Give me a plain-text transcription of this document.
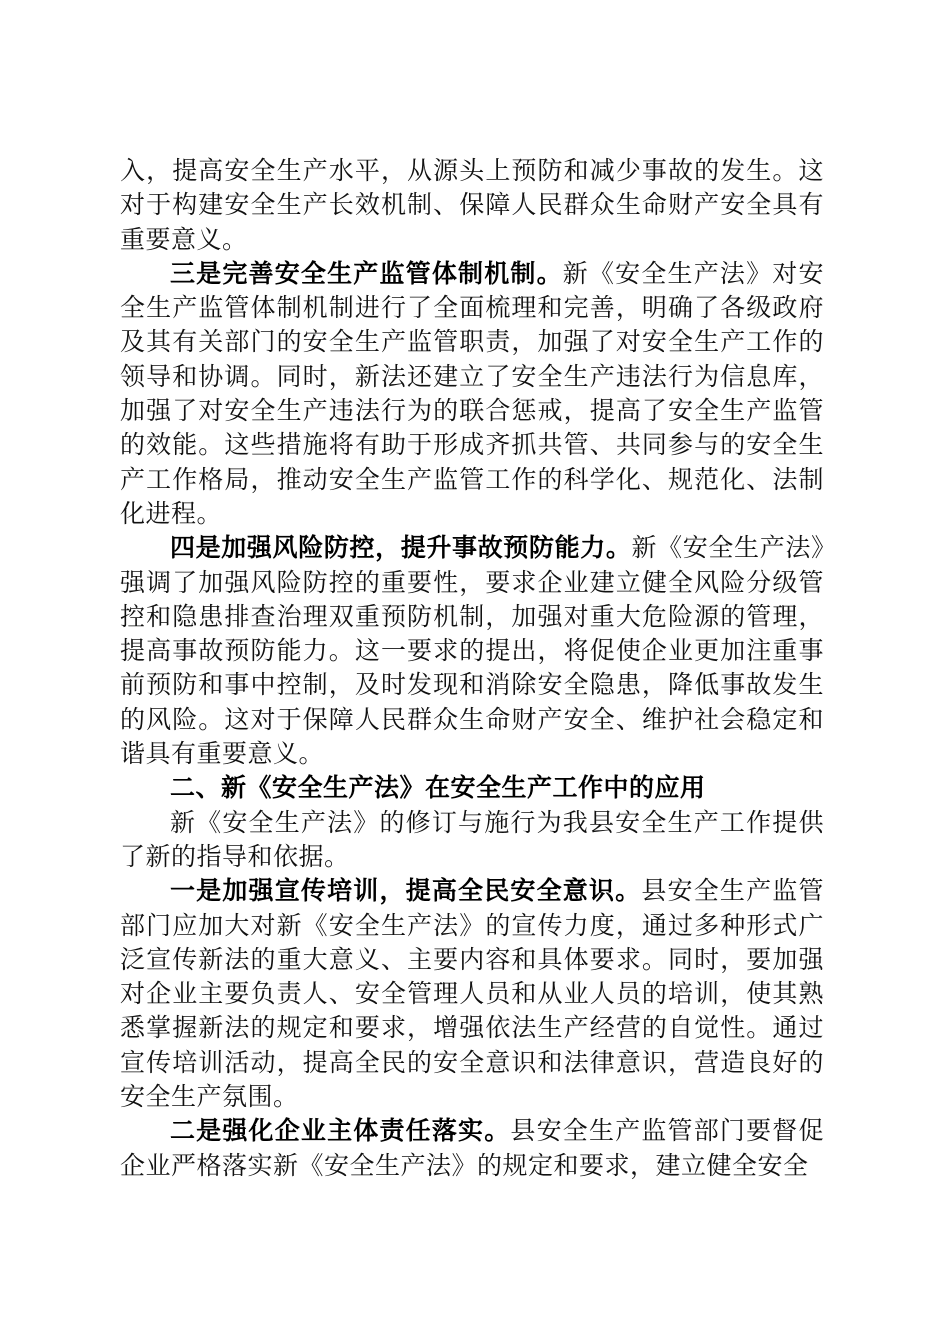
入，提高安全生产水平，从源头上预防和减少事故的发生。这对于构建安全生产长效机制、保障人民群众生命财产安全具有重要意义。

三是完善安全生产监管体制机制。新《安全生产法》对安全生产监管体制机制进行了全面梳理和完善，明确了各级政府及其有关部门的安全生产监管职责，加强了对安全生产工作的领导和协调。同时，新法还建立了安全生产违法行为信息库，加强了对安全生产违法行为的联合惩戒，提高了安全生产监管的效能。这些措施将有助于形成齐抓共管、共同参与的安全生产工作格局，推动安全生产监管工作的科学化、规范化、法制化进程。

四是加强风险防控，提升事故预防能力。新《安全生产法》强调了加强风险防控的重要性，要求企业建立健全风险分级管控和隐患排查治理双重预防机制，加强对重大危险源的管理，提高事故预防能力。这一要求的提出，将促使企业更加注重事前预防和事中控制，及时发现和消除安全隐患，降低事故发生的风险。这对于保障人民群众生命财产安全、维护社会稳定和谐具有重要意义。

二、新《安全生产法》在安全生产工作中的应用

新《安全生产法》的修订与施行为我县安全生产工作提供了新的指导和依据。

一是加强宣传培训，提高全民安全意识。县安全生产监管部门应加大对新《安全生产法》的宣传力度，通过多种形式广泛宣传新法的重大意义、主要内容和具体要求。同时，要加强对企业主要负责人、安全管理人员和从业人员的培训，使其熟悉掌握新法的规定和要求，增强依法生产经营的自觉性。通过宣传培训活动，提高全民的安全意识和法律意识，营造良好的安全生产氛围。

二是强化企业主体责任落实。县安全生产监管部门要督促企业严格落实新《安全生产法》的规定和要求，建立健全安全
